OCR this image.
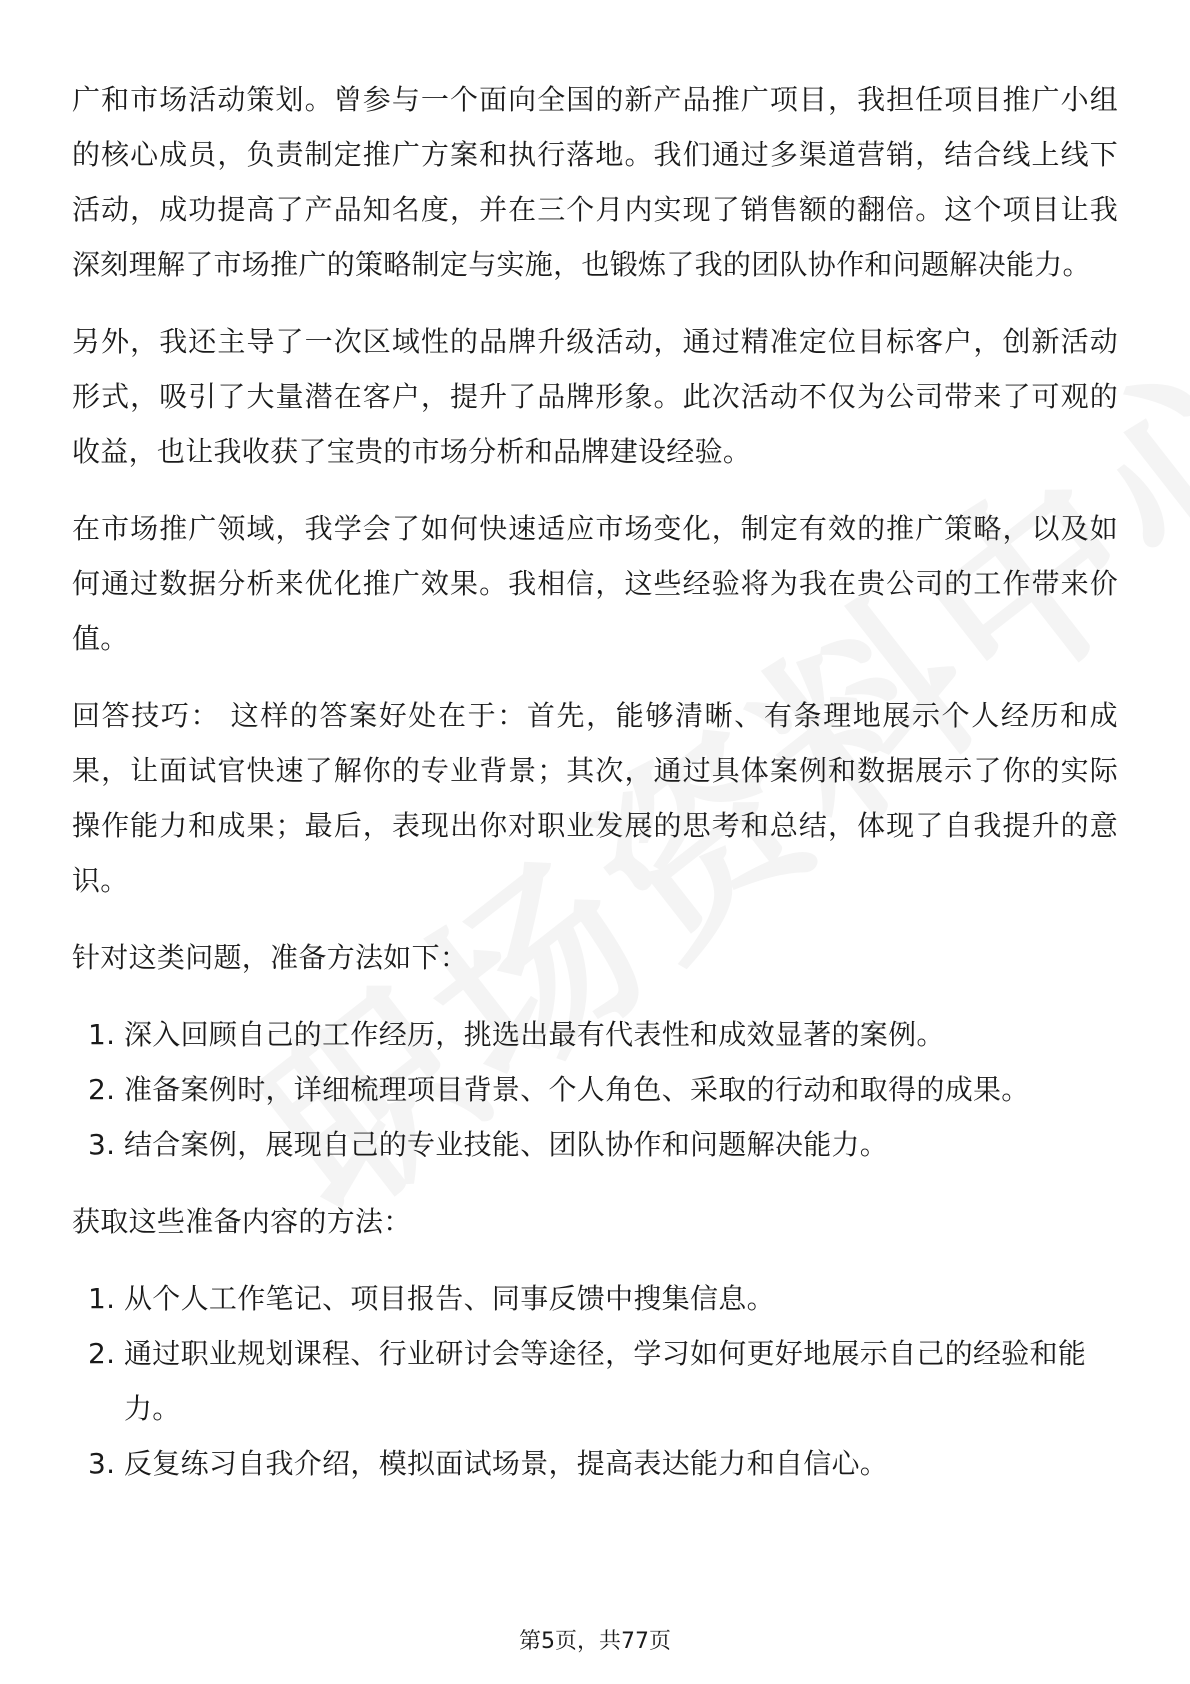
广和市场活动策划。曾参与一个面向全国的新产品推广项目，我担任项目推广小组的核心成员，负责制定推广方案和执行落地。我们通过多渠道营销，结合线上线下活动，成功提高了产品知名度，并在三个月内实现了销售额的翻倍。这个项目让我深刻理解了市场推广的策略制定与实施，也锻炼了我的团队协作和问题解决能力。

另外，我还主导了一次区域性的品牌升级活动，通过精准定位目标客户，创新活动形式，吸引了大量潜在客户，提升了品牌形象。此次活动不仅为公司带来了可观的收益，也让我收获了宝贵的市场分析和品牌建设经验。

在市场推广领域，我学会了如何快速适应市场变化，制定有效的推广策略，以及如何通过数据分析来优化推广效果。我相信，这些经验将为我在贵公司的工作带来价值。

回答技巧： 这样的答案好处在于：首先，能够清晰、有条理地展示个人经历和成果，让面试官快速了解你的专业背景；其次，通过具体案例和数据展示了你的实际操作能力和成果；最后，表现出你对职业发展的思考和总结，体现了自我提升的意识。

针对这类问题，准备方法如下：

1. 深入回顾自己的工作经历，挑选出最有代表性和成效显著的案例。
2. 准备案例时，详细梳理项目背景、个人角色、采取的行动和取得的成果。
3. 结合案例，展现自己的专业技能、团队协作和问题解决能力。

获取这些准备内容的方法：

1. 从个人工作笔记、项目报告、同事反馈中搜集信息。
2. 通过职业规划课程、行业研讨会等途径，学习如何更好地展示自己的经验和能力。
3. 反复练习自我介绍，模拟面试场景，提高表达能力和自信心。
第5页，共77页
